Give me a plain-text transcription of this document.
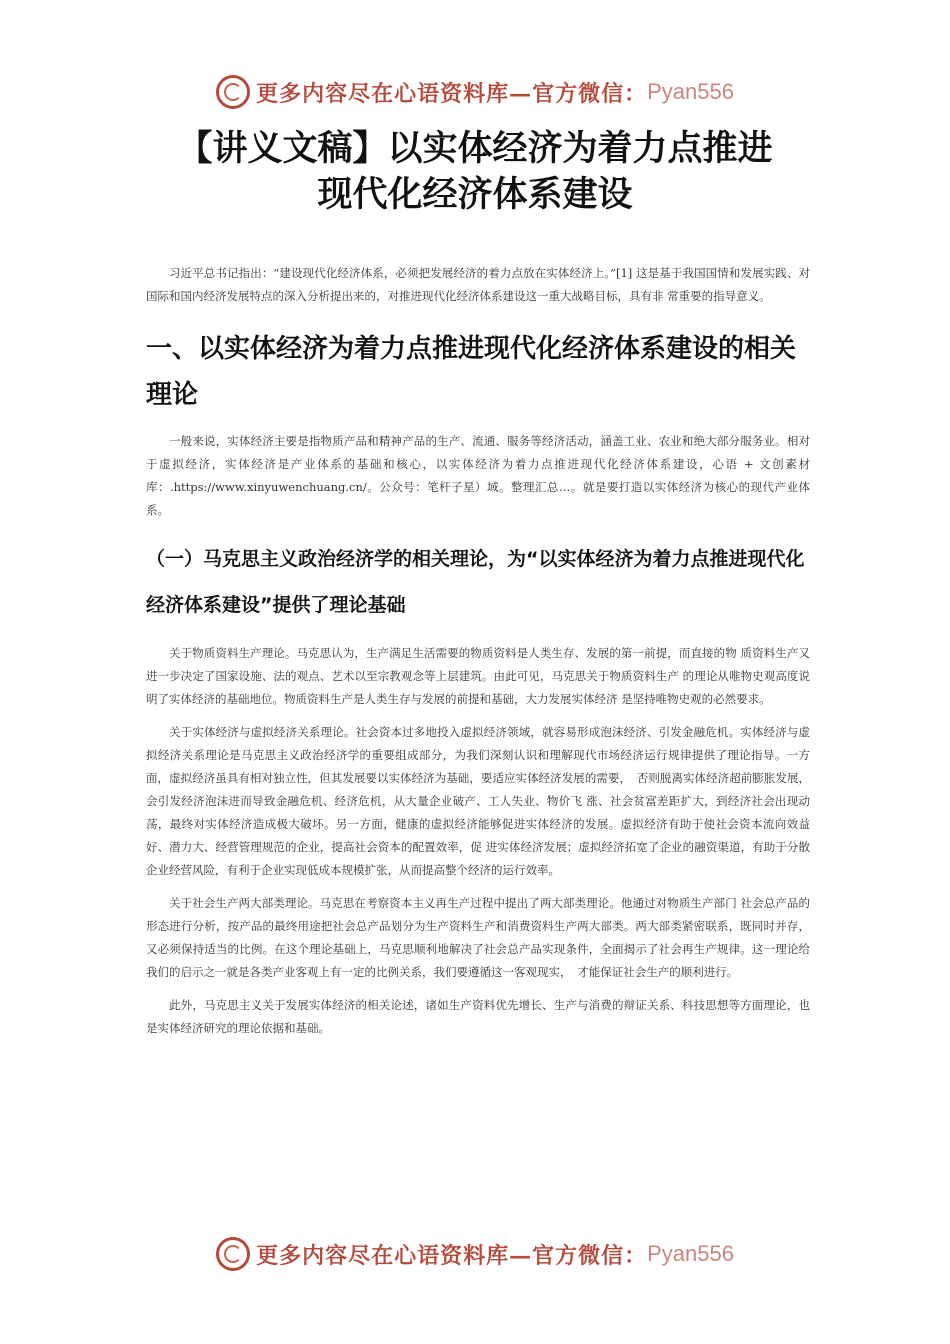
更多内容尽在心语资料库—官方微信： Pyan556
【讲义文稿】以实体经济为着力点推进
现代化经济体系建设

习近平总书记指出：“建设现代化经济体系，必须把发展经济的着力点放在实体经济上。”[1] 这是基于我国国情和发展实践、对国际和国内经济发展特点的深入分析提出来的，对推进现代化经济体系建设这一重大战略目标，具有非 常重要的指导意义。

一、以实体经济为着力点推进现代化经济体系建设的相关理论

一般来说，实体经济主要是指物质产品和精神产品的生产、流通、服务等经济活动，涵盖工业、农业和绝大部分服务业。相对于虚拟经济，实体经济是产业体系的基础和核心，以实体经济为着力点推进现代化经济体系建设，心语 + 文创素材库：.https://www.xinyuwenchuang.cn/。公众号：笔杆子星）域。整理汇总…。就是要打造以实体经济为核心的现代产业体系。

（一）马克思主义政治经济学的相关理论，为“以实体经济为着力点推进现代化经济体系建设”提供了理论基础

关于物质资料生产理论。马克思认为，生产满足生活需要的物质资料是人类生存、发展的第一前提，而直接的物 质资料生产又进一步决定了国家设施、法的观点、艺术以至宗教观念等上层建筑。由此可见，马克思关于物质资料生产 的理论从唯物史观高度说明了实体经济的基础地位。物质资料生产是人类生存与发展的前提和基础，大力发展实体经济 是坚持唯物史观的必然要求。

关于实体经济与虚拟经济关系理论。社会资本过多地投入虚拟经济领域，就容易形成泡沫经济、引发金融危机。实体经济与虚拟经济关系理论是马克思主义政治经济学的重要组成部分，为我们深刻认识和理解现代市场经济运行规律提供了理论指导。一方面，虚拟经济虽具有相对独立性，但其发展要以实体经济为基础，要适应实体经济发展的需要，　否则脱离实体经济超前膨胀发展，会引发经济泡沫进而导致金融危机、经济危机，从大量企业破产、工人失业、物价飞 涨、社会贫富差距扩大，到经济社会出现动荡，最终对实体经济造成极大破坏。另一方面，健康的虚拟经济能够促进实体经济的发展。虚拟经济有助于使社会资本流向效益好、潜力大、经营管理规范的企业，提高社会资本的配置效率，促 进实体经济发展；虚拟经济拓宽了企业的融资渠道，有助于分散企业经营风险，有利于企业实现低成本规模扩张，从而提高整个经济的运行效率。

关于社会生产两大部类理论。马克思在考察资本主义再生产过程中提出了两大部类理论。他通过对物质生产部门 社会总产品的形态进行分析，按产品的最终用途把社会总产品划分为生产资料生产和消费资料生产两大部类。两大部类紧密联系，既同时并存，又必须保持适当的比例。在这个理论基础上，马克思顺利地解决了社会总产品实现条件，全面揭示了社会再生产规律。这一理论给我们的启示之一就是各类产业客观上有一定的比例关系，我们要遵循这一客观现实，　才能保证社会生产的顺利进行。

此外，马克思主义关于发展实体经济的相关论述，诸如生产资料优先增长、生产与消费的辩证关系、科技思想等方面理论，也是实体经济研究的理论依据和基础。

更多内容尽在心语资料库—官方微信： Pyan556
